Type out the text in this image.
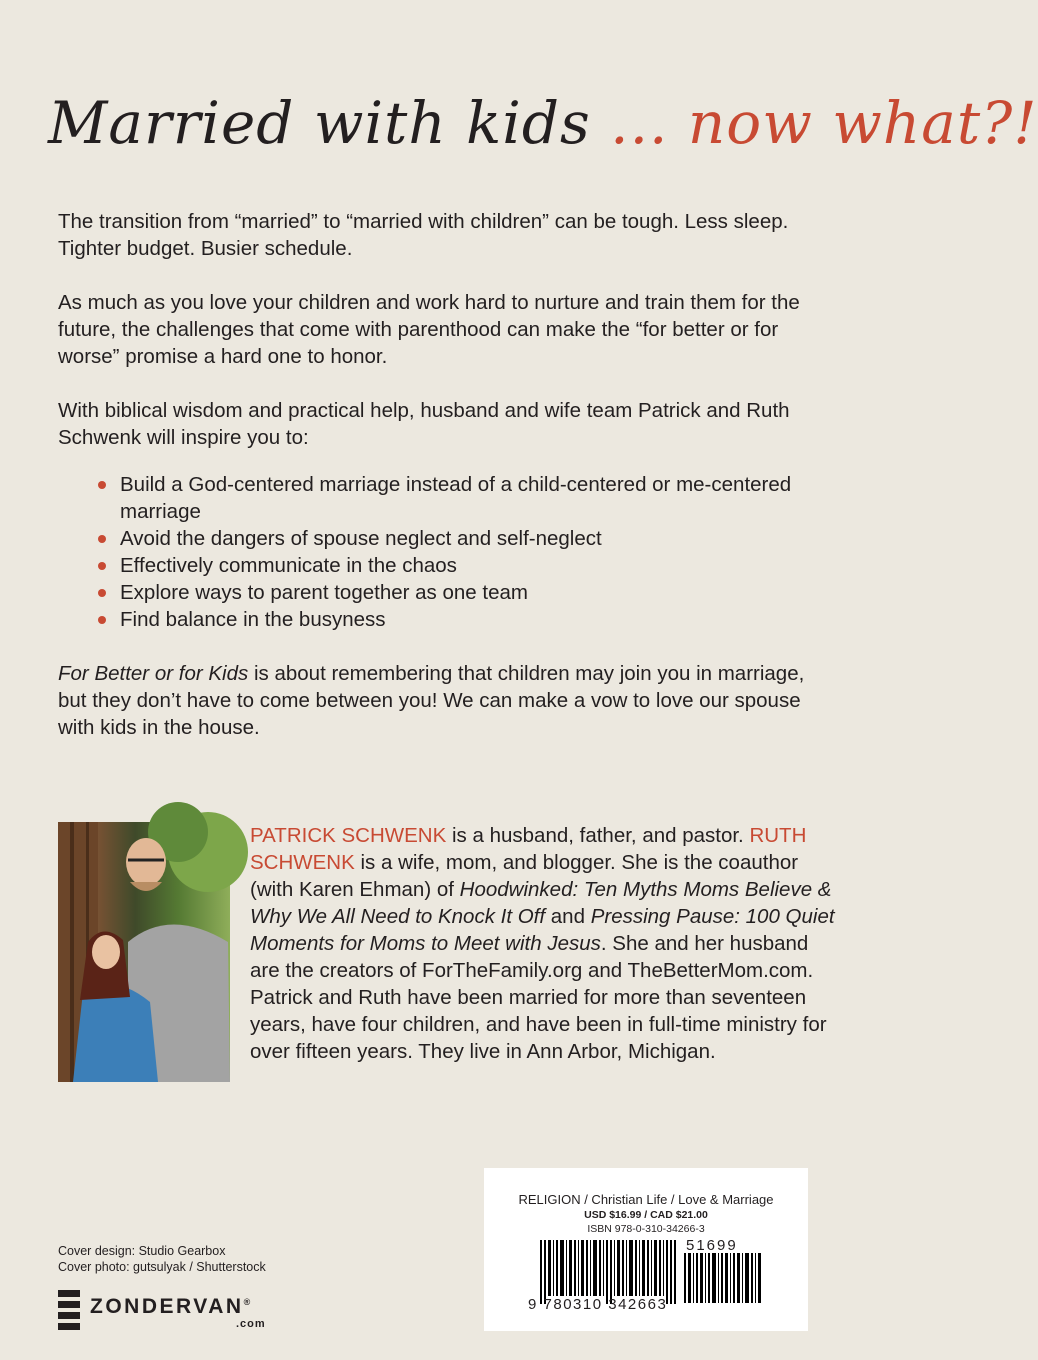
Married with kids ... now what?!

The transition from “married” to “married with children” can be tough. Less sleep. Tighter budget. Busier schedule.

As much as you love your children and work hard to nurture and train them for the future, the challenges that come with parenthood can make the “for better or for worse” promise a hard one to honor.

With biblical wisdom and practical help, husband and wife team Patrick and Ruth Schwenk will inspire you to:

Build a God-centered marriage instead of a child-centered or me-centered marriage
Avoid the dangers of spouse neglect and self-neglect
Effectively communicate in the chaos
Explore ways to parent together as one team
Find balance in the busyness

For Better or for Kids is about remembering that children may join you in marriage, but they don’t have to come between you! We can make a vow to love our spouse with kids in the house.

PATRICK SCHWENK is a husband, father, and pastor. RUTH SCHWENK is a wife, mom, and blogger. She is the coauthor (with Karen Ehman) of Hoodwinked: Ten Myths Moms Believe & Why We All Need to Knock It Off and Pressing Pause: 100 Quiet Moments for Moms to Meet with Jesus. She and her husband are the creators of ForTheFamily.org and TheBetterMom.com. Patrick and Ruth have been married for more than seventeen years, have four children, and have been in full-time ministry for over fifteen years. They live in Ann Arbor, Michigan.
Cover design: Studio Gearbox
Cover photo: gutsulyak / Shutterstock
ZONDERVAN®
.com
RELIGION / Christian Life / Love & Marriage
USD $16.99 / CAD $21.00
ISBN 978-0-310-34266-3
51699
9 780310 342663
